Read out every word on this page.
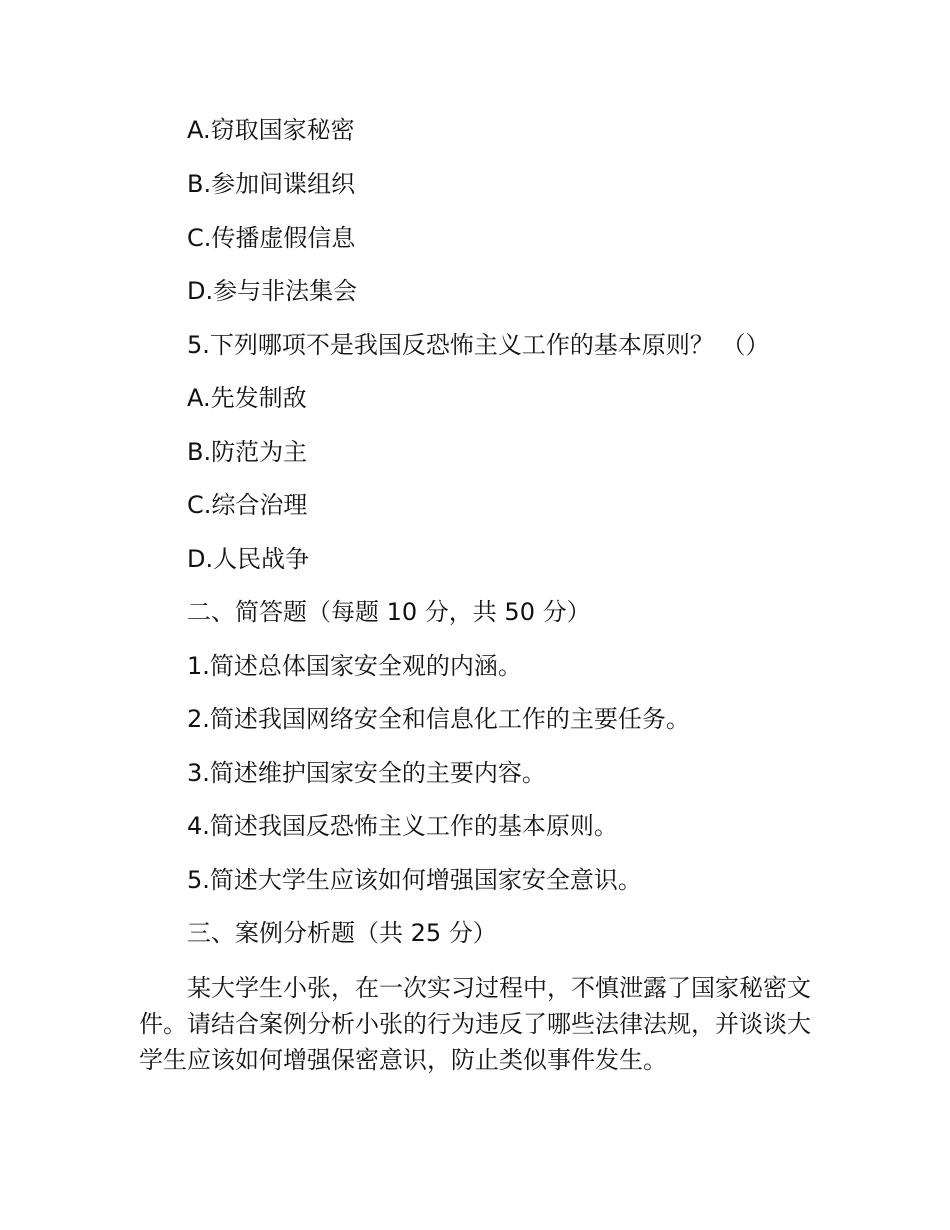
A.窃取国家秘密
B.参加间谍组织
C.传播虚假信息
D.参与非法集会
5.下列哪项不是我国反恐怖主义工作的基本原则？ （）
A.先发制敌
B.防范为主
C.综合治理
D.人民战争
二、简答题（每题 10 分，共 50 分）
1.简述总体国家安全观的内涵。
2.简述我国网络安全和信息化工作的主要任务。
3.简述维护国家安全的主要内容。
4.简述我国反恐怖主义工作的基本原则。
5.简述大学生应该如何增强国家安全意识。
三、案例分析题（共 25 分）

某大学生小张，在一次实习过程中，不慎泄露了国家秘密文件。请结合案例分析小张的行为违反了哪些法律法规，并谈谈大学生应该如何增强保密意识，防止类似事件发生。
